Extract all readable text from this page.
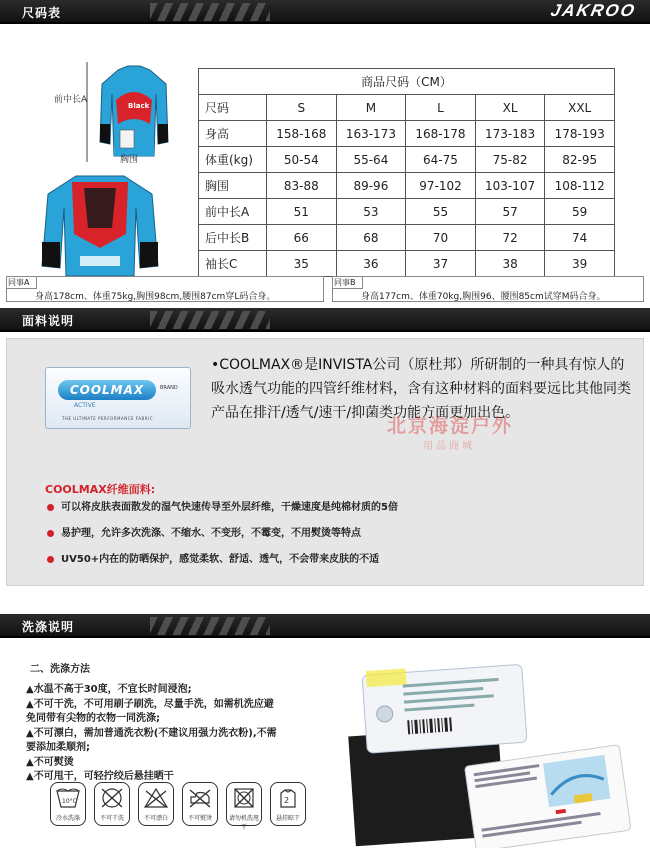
尺码表	JAKROO
Black
前中长A
胸围
商品尺码（CM）					
尺码	S	M	L	XL	XXL
身高	158-168	163-173	168-178	173-183	178-193
体重(kg)	50-54	55-64	64-75	75-82	82-95
胸围	83-88	89-96	97-102	103-107	108-112
前中长A	51	53	55	57	59
后中长B	66	68	70	72	74
袖长C	35	36	37	38	39
同事A
身高178cm、体重75kg,胸围98cm,腰围87cm穿L码合身。
同事B
身高177cm、体重70kg,胸围96、腰围85cm试穿M码合身。
面料说明
COOLMAX	BRAND
ACTIVE
THE ULTIMATE PERFORMANCE FABRIC

•COOLMAX®是INVISTA公司（原杜邦）所研制的一种具有惊人的吸水透气功能的四管纤维材料，含有这种材料的面料要远比其他同类产品在排汗/透气/速干/抑菌类功能方面更加出色。

北京海淀户外
用品商城
COOLMAX纤维面料:
可以将皮肤表面散发的湿气快速传导至外层纤维，干燥速度是纯棉材质的5倍
易护理，允许多次洗涤、不缩水、不变形，不霉变，不用熨烫等特点
UV50+内在的防晒保护，感觉柔软、舒适、透气，不会带来皮肤的不适
洗涤说明
二、洗涤方法
▲水温不高于30度，不宜长时间浸泡;
▲不可干洗，不可用刷子刷洗，尽量手洗，如需机洗应避
免同带有尖物的衣物一同洗涤;
▲不可漂白，需加普通洗衣粉(不建议用强力洗衣粉),不需
要添加柔顺剂;
▲不可熨烫
▲不可甩干，可轻拧绞后悬挂晒干
10°C
冷水洗涤	不可干洗	不可漂白	不可熨烫	请勿机洗甩干
2
悬挂晾干
